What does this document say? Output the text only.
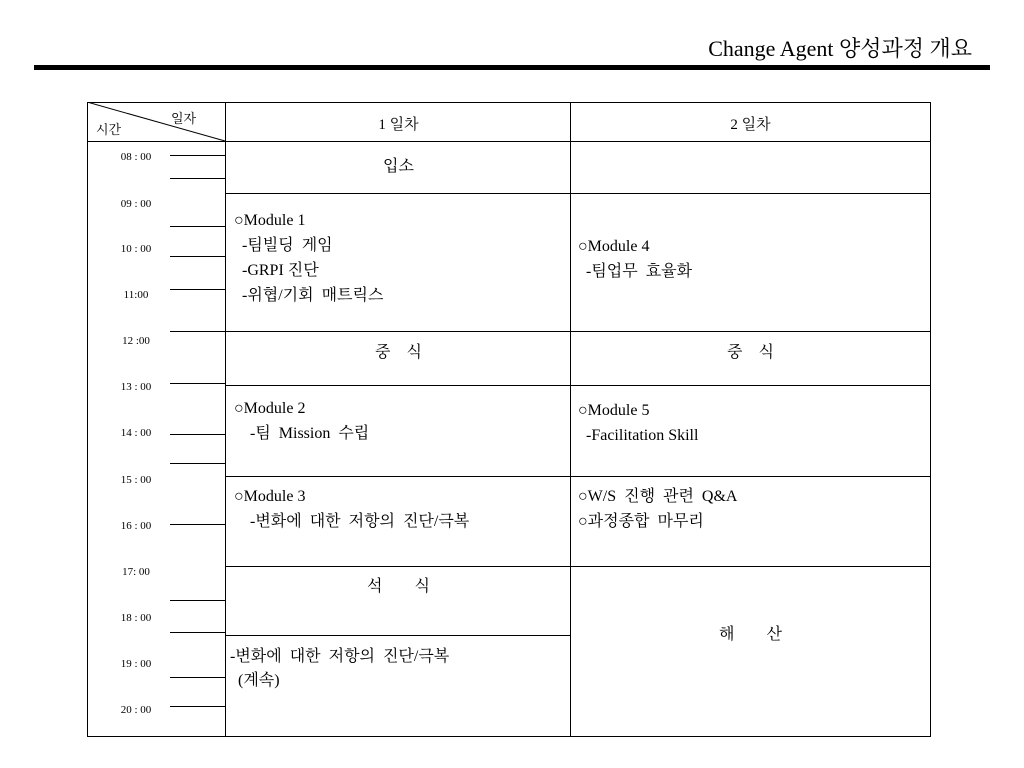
Change Agent 양성과정 개요
일자
시간	1 일차	2 일차
08 : 00
09 : 00
10 : 00
11:00
12 :00
13 : 00
14 : 00
15 : 00
16 : 00
17: 00
18 : 00
19 : 00
20 : 00
입소
○Module 1
-팀빌딩  게임
-GRPI 진단
-위협/기회  매트릭스
중    식
○Module 2
-팀  Mission  수립
○Module 3
-변화에  대한  저항의  진단/극복
석        식
-변화에  대한  저항의  진단/극복
(계속)
○Module 4
-팀업무  효율화
중    식
○Module 5
-Facilitation Skill
○W/S  진행  관련  Q&A
○과정종합  마무리
해        산
